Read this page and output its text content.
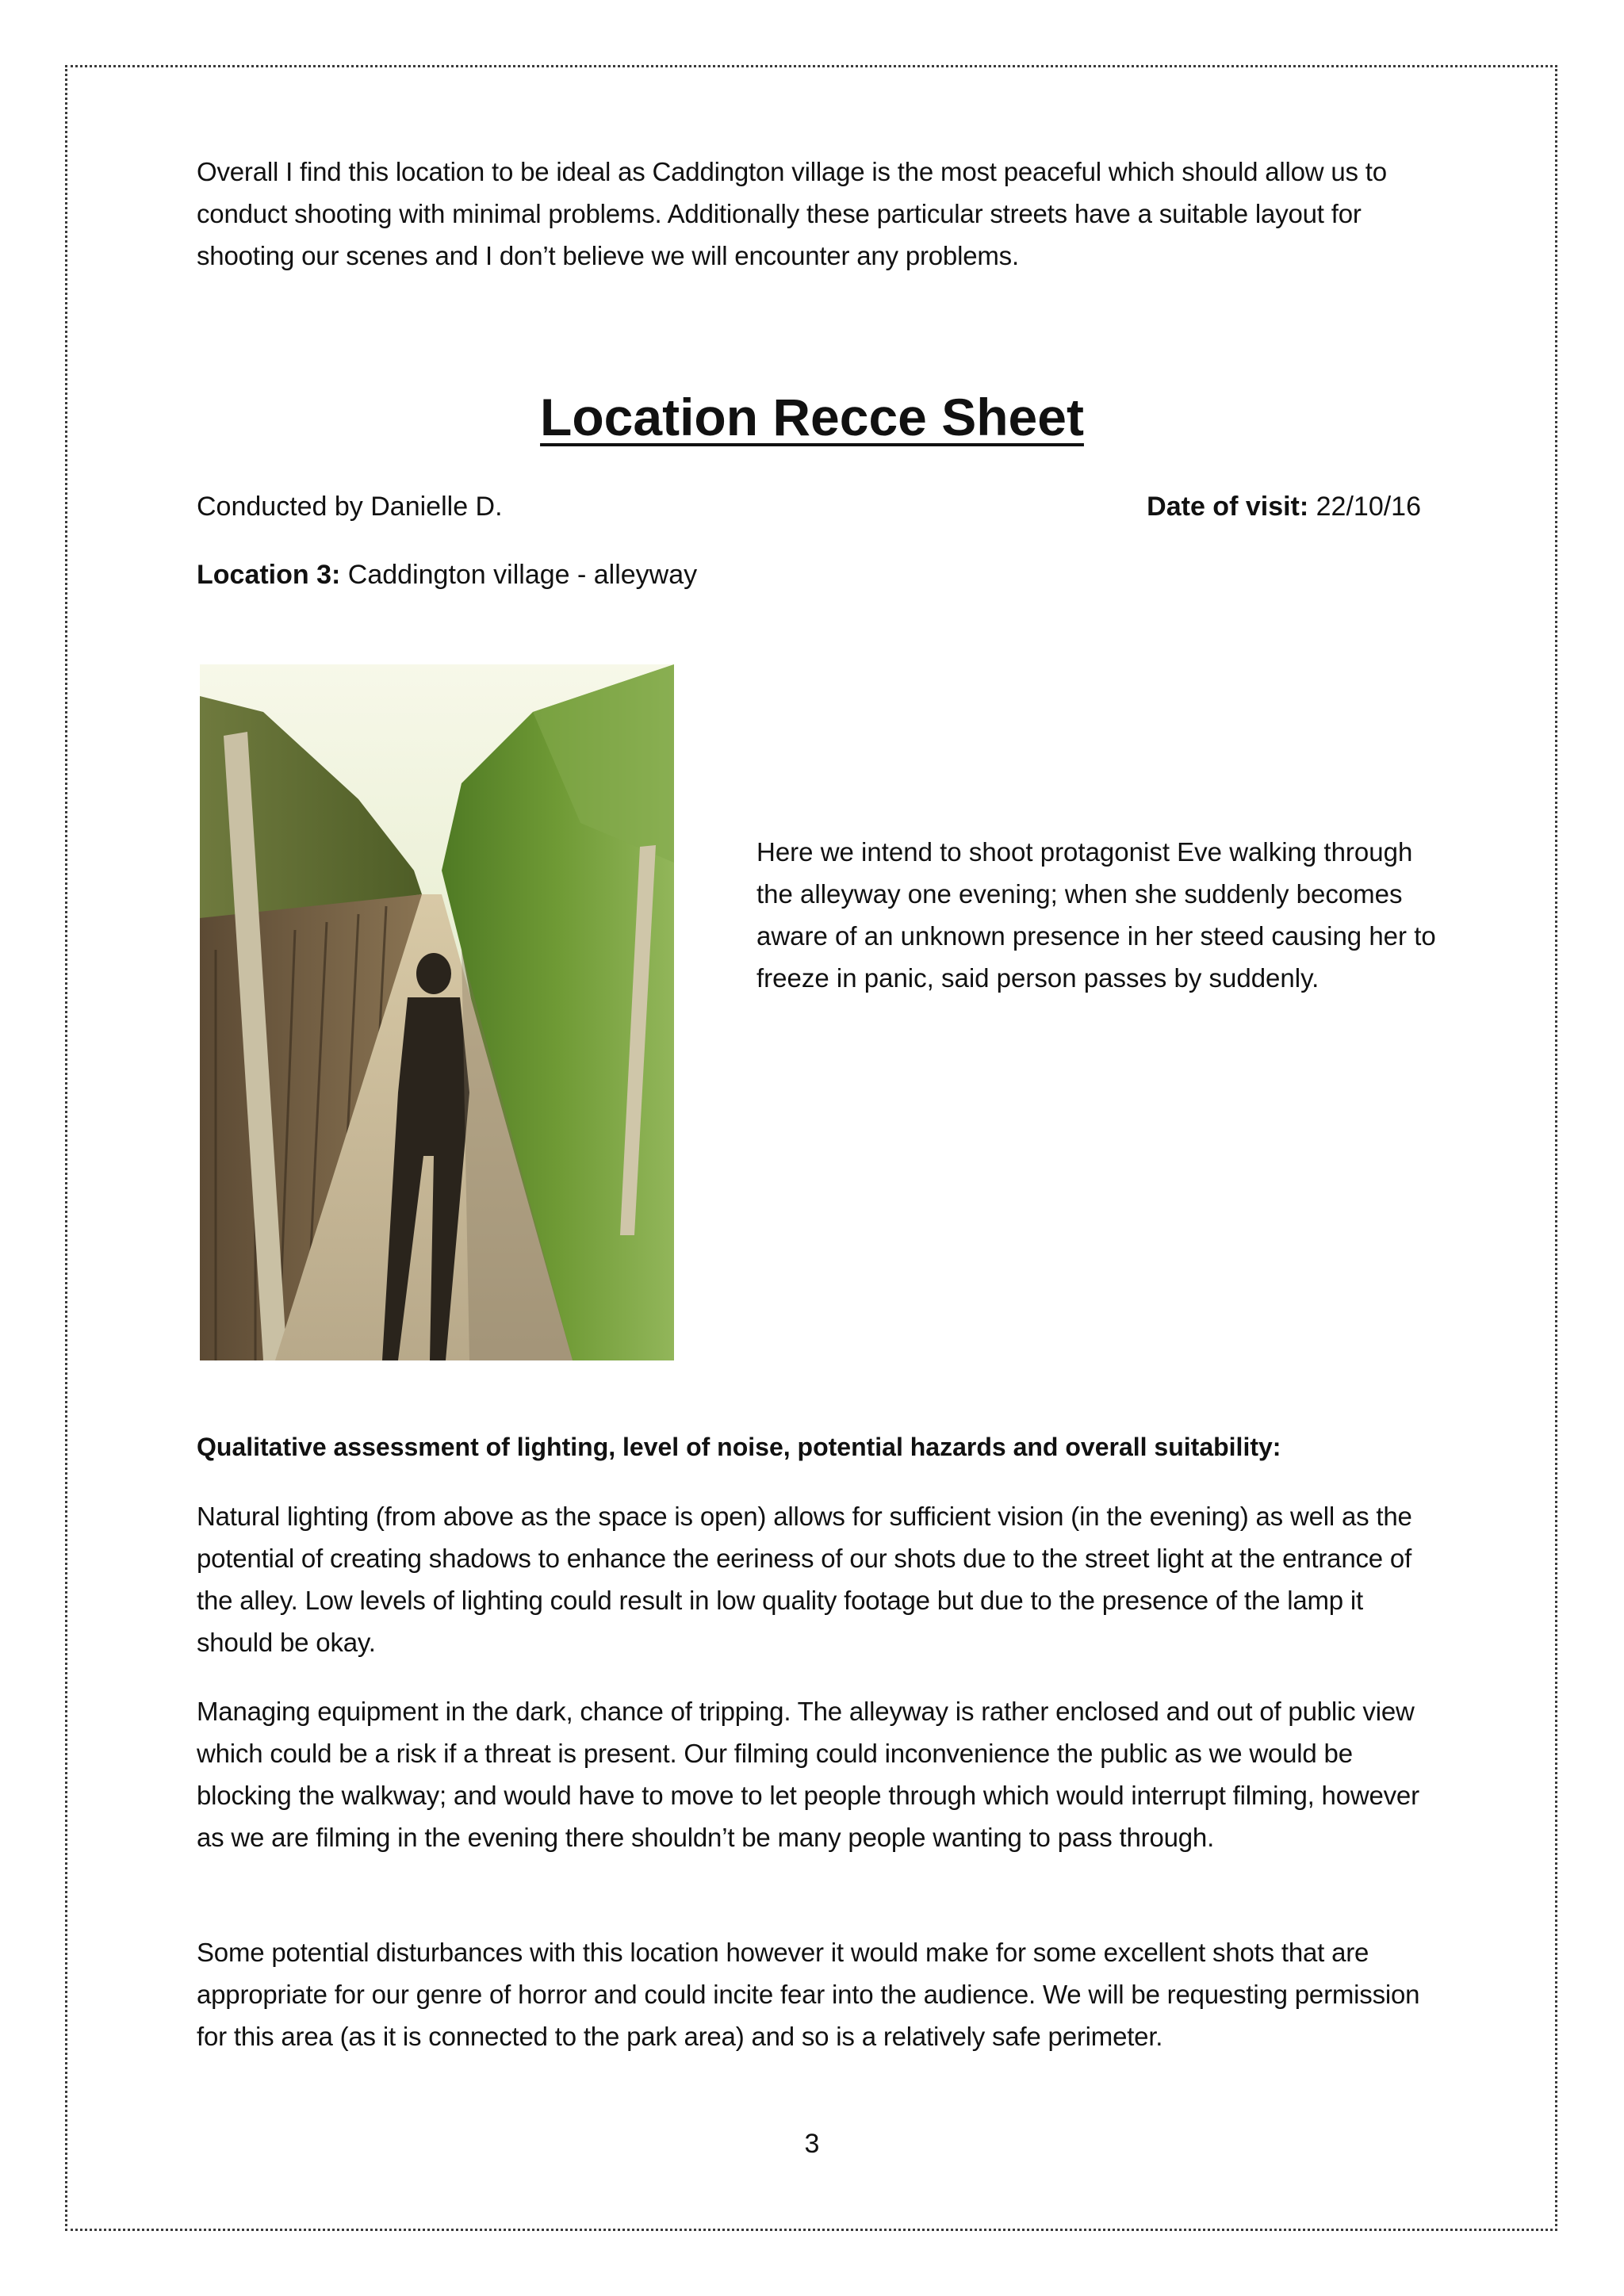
Overall I find this location to be ideal as Caddington village is the most peaceful which should allow us to conduct shooting with minimal problems. Additionally these particular streets have a suitable layout for shooting our scenes and I don’t believe we will encounter any problems.

Location Recce Sheet
Conducted by Danielle D.	Date of visit: 22/10/16
Location 3: Caddington village - alleyway

Here we intend to shoot protagonist Eve walking through the alleyway one evening; when she suddenly becomes aware of an unknown presence in her steed causing her to freeze in panic, said person passes by suddenly.

Qualitative assessment of lighting, level of noise, potential hazards and overall suitability:

Natural lighting (from above as the space is open) allows for sufficient vision (in the evening) as well as the potential of creating shadows to enhance the eeriness of our shots due to the street light at the entrance of the alley. Low levels of lighting could result in low quality footage but due to the presence of the lamp it should be okay.

Managing equipment in the dark, chance of tripping. The alleyway is rather enclosed and out of public view which could be a risk if a threat is present. Our filming could inconvenience the public as we would be blocking the walkway; and would have to move to let people through which would interrupt filming, however as we are filming in the evening there shouldn’t be many people wanting to pass through.

Some potential disturbances with this location however it would make for some excellent shots that are appropriate for our genre of horror and could incite fear into the audience. We will be requesting permission for this area (as it is connected to the park area) and so is a relatively safe perimeter.

3
